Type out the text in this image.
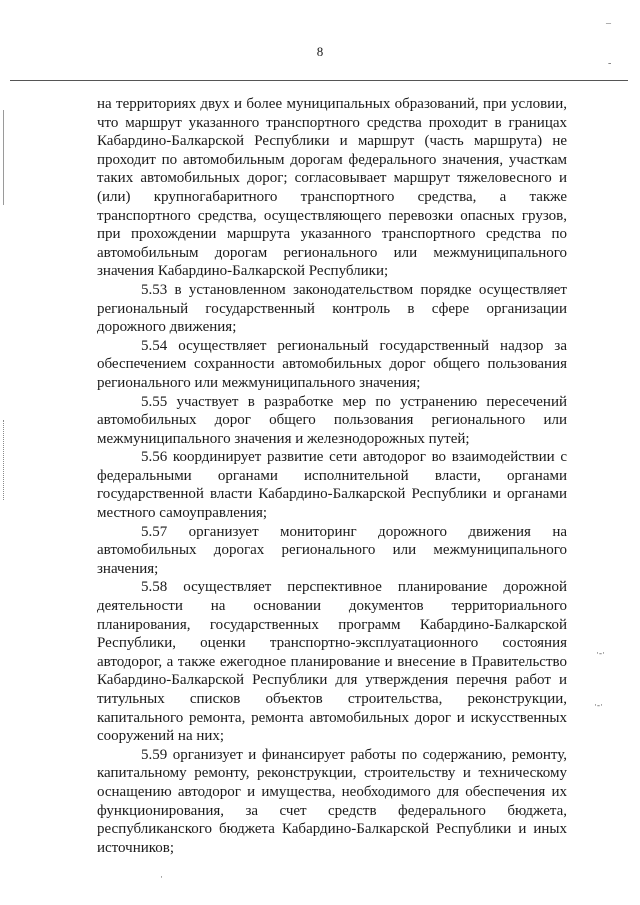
8
–
-

на территориях двух и более муниципальных образований, при условии, что маршрут указанного транспортного средства проходит в границах Кабардино-Балкарской Республики и маршрут (часть маршрута) не проходит по автомобильным дорогам федерального значения, участкам таких автомобильных дорог; согласовывает маршрут тяжеловесного и (или) крупногабаритного транспортного средства, а также транспортного средства, осуществляющего перевозки опасных грузов, при прохождении маршрута указанного транспортного средства по автомобильным дорогам регионального или межмуниципального значения Кабардино-Балкарской Республики;

5.53 в установленном законодательством порядке осуществляет региональный государственный контроль в сфере организации дорожного движения;

5.54 осуществляет региональный государственный надзор за обеспечением сохранности автомобильных дорог общего пользования регионального или межмуниципального значения;

5.55 участвует в разработке мер по устранению пересечений автомобильных дорог общего пользования регионального или межмуниципального значения и железнодорожных путей;

5.56 координирует развитие сети автодорог во взаимодействии с федеральными органами исполнительной власти, органами государственной власти Кабардино-Балкарской Республики и органами местного самоуправления;

5.57 организует мониторинг дорожного движения на автомобильных дорогах регионального или межмуниципального значения;

5.58 осуществляет перспективное планирование дорожной деятельности на основании документов территориального планирования, государственных программ Кабардино-Балкарской Республики, оценки транспортно-эксплуатационного состояния автодорог, а также ежегодное планирование и внесение в Правительство Кабардино-Балкарской Республики для утверждения перечня работ и титульных списков объектов строительства, реконструкции, капитального ремонта, ремонта автомобильных дорог и искусственных сооружений на них;

5.59 организует и финансирует работы по содержанию, ремонту, капитальному ремонту, реконструкции, строительству и техническому оснащению автодорог и имущества, необходимого для обеспечения их функционирования, за счет средств федерального бюджета, республиканского бюджета Кабардино-Балкарской Республики и иных источников;

·-·
·-·
·
